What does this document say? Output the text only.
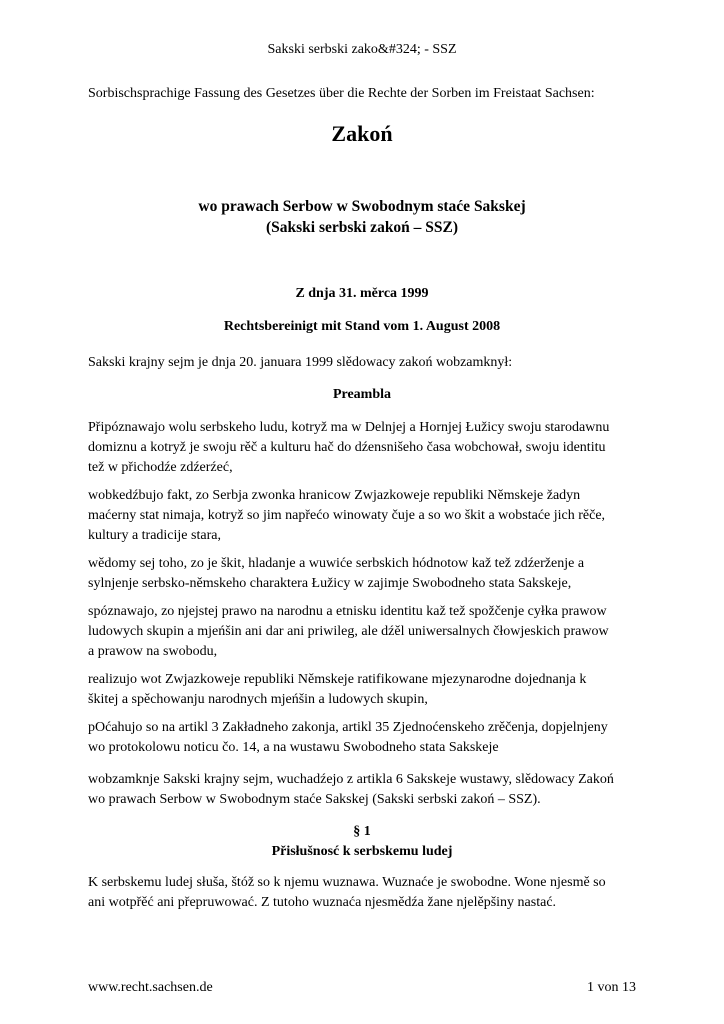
Sakski serbski zako&#324; - SSZ
Sorbischsprachige Fassung des Gesetzes über die Rechte der Sorben im Freistaat Sachsen:
Zakoń
wo prawach Serbow w Swobodnym staće Sakskej
(Sakski serbski zakoń – SSZ)
Z dnja 31. měrca 1999
Rechtsbereinigt mit Stand vom 1. August 2008
Sakski krajny sejm je dnja 20. januara 1999 slědowacy zakoń wobzamknył:
Preambla
Připóznawajo wolu serbskeho ludu, kotryž ma w Delnjej a Hornjej Łužicy swoju starodawnu
domiznu a kotryž je swoju rěč a kulturu hač do dźensnišeho časa wobchował, swoju identitu
tež w přichodźe zdźerźeć,
wobkedźbujo fakt, zo Serbja zwonka hranicow Zwjazkoweje republiki Němskeje žadyn
maćerny stat nimaja, kotryž so jim napřećo winowaty čuje a so wo škit a wobstaće jich rěče,
kultury a tradicije stara,
wědomy sej toho, zo je škit, hladanje a wuwiće serbskich hódnotow kaž tež zdźerženje a
sylnjenje serbsko-němskeho charaktera Łužicy w zajimje Swobodneho stata Sakskeje,
spóznawajo, zo njejstej prawo na narodnu a etnisku identitu kaž tež spožčenje cyłka prawow
ludowych skupin a mjeńšin ani dar ani priwileg, ale dźěl uniwersalnych čłowjeskich prawow
a prawow na swobodu,
realizujo wot Zwjazkoweje republiki Němskeje ratifikowane mjezynarodne dojednanja k
škitej a spěchowanju narodnych mjeńšin a ludowych skupin,
pOćahujo so na artikl 3 Zakładneho zakonja, artikl 35 Zjednoćenskeho zrěčenja, dopjelnjeny
wo protokolowu noticu čo. 14, a na wustawu Swobodneho stata Sakskeje
wobzamknje Sakski krajny sejm, wuchadźejo z artikla 6 Sakskeje wustawy, slědowacy Zakoń
wo prawach Serbow w Swobodnym staće Sakskej (Sakski serbski zakoń – SSZ).
§ 1
Přisłušnosć k serbskemu ludej
K serbskemu ludej słuša, štóž so k njemu wuznawa. Wuznaće je swobodne. Wone njesmě so
ani wotpřěć ani přepruwować. Z tutoho wuznaća njesmědźa žane njelěpšiny nastać.
www.recht.sachsen.de	1 von 13
